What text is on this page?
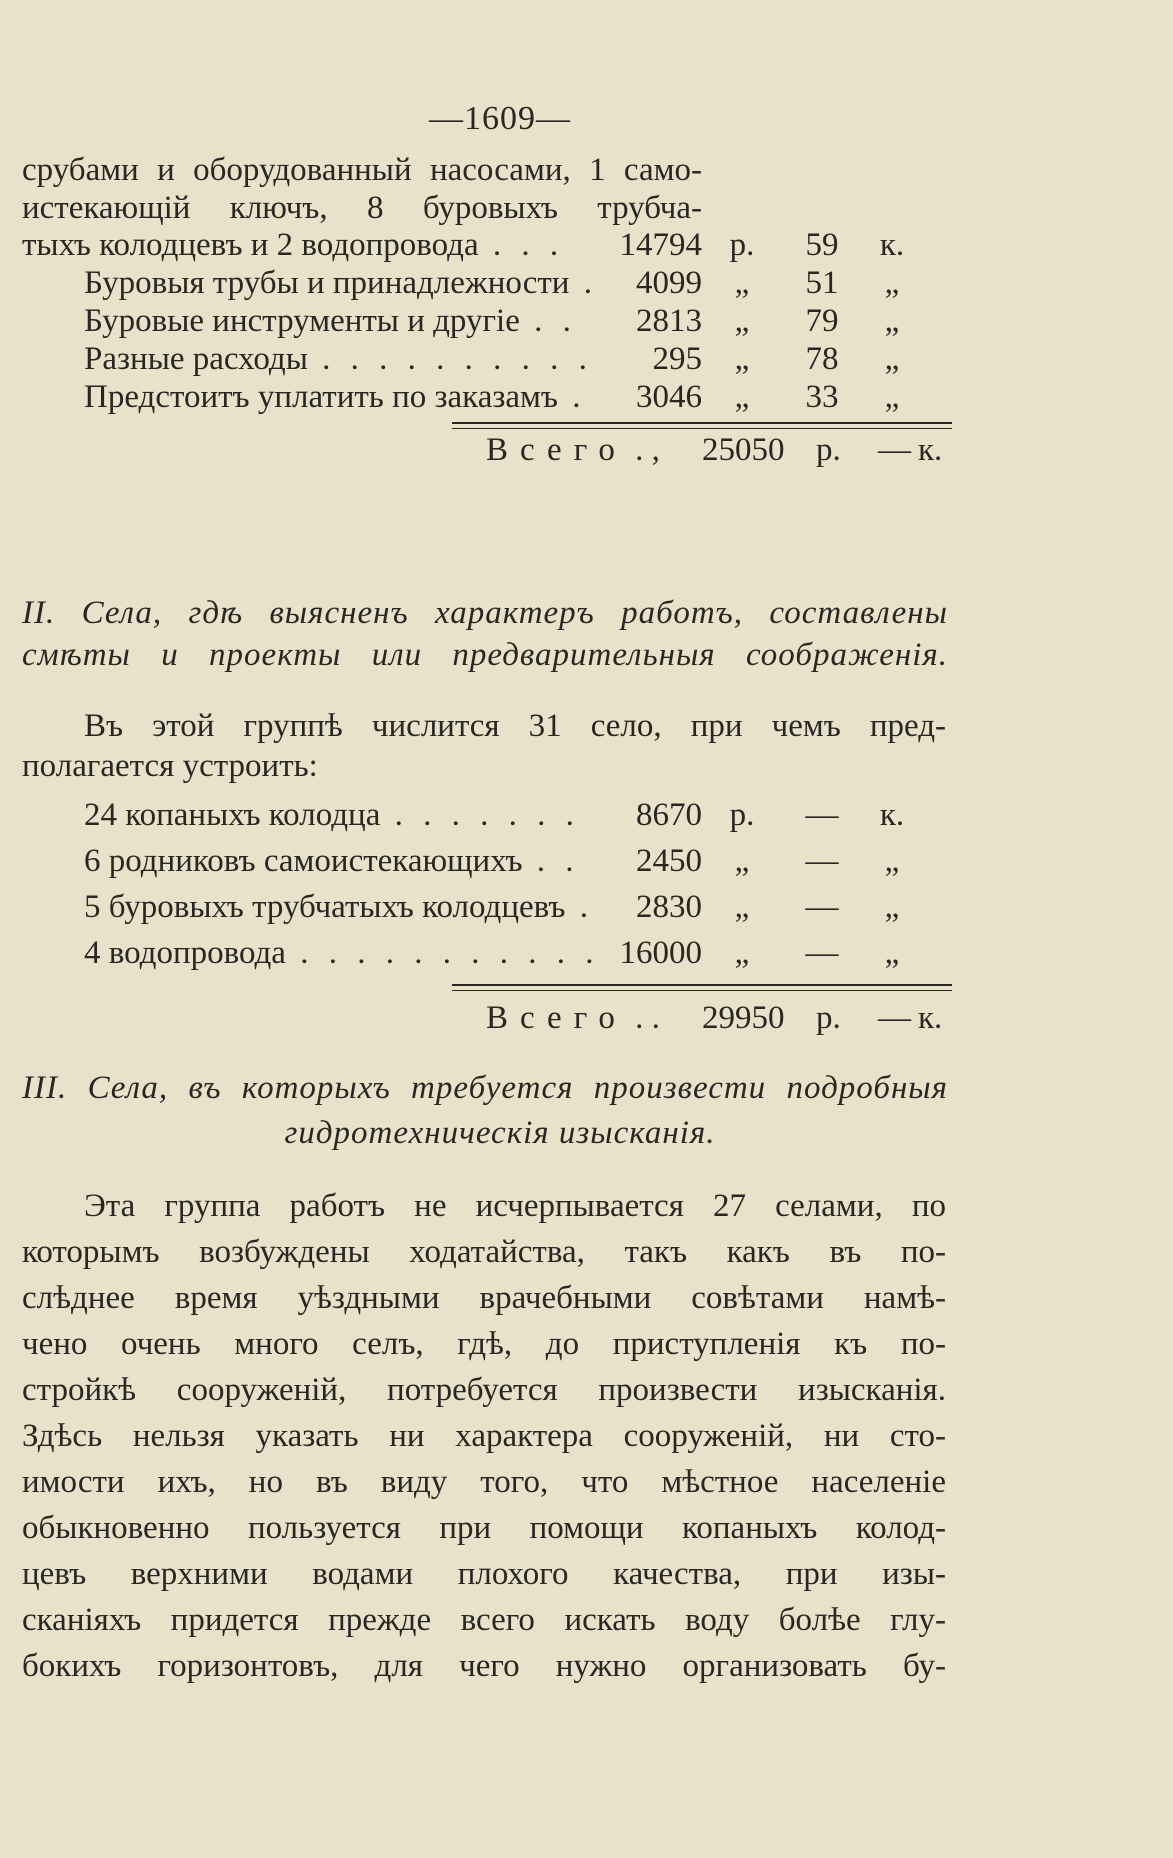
—1609—
срубами и оборудованный насосами, 1 само-
истекающій ключъ, 8 буровыхъ трубча-
тыхъ колодцевъ и 2 водопровода . . .	14794 р.	59	к.
Буровыя трубы и принадлежности .	4099 „	51	„
Буровые инструменты и другіе . .	2813 „	79	„
Разные расходы . . . . . . . . . .	295 „	78	„
Предстоитъ уплатить по заказамъ .	3046 „	33	„
Всего . , 25050 р. — к.
II. Села, гдѣ выясненъ характеръ работъ, составлены
смѣты и проекты или предварительныя соображенія.
Въ этой группѣ числится 31 село, при чемъ пред-
полагается устроить:
24 копаныхъ колодца . . . . . . .	8670 р.	—	к.
6 родниковъ самоистекающихъ . .	2450 „	—	„
5 буровыхъ трубчатыхъ колодцевъ .	2830 „	—	„
4 водопровода . . . . . . . . . . . 16000 „	—	„
Всего . . 29950 р. — к.
III. Села, въ которыхъ требуется произвести подробныя
гидротехническія изысканія.
Эта группа работъ не исчерпывается 27 селами, по
которымъ возбуждены ходатайства, такъ какъ въ по-
слѣднее время уѣздными врачебными совѣтами намѣ-
чено очень много селъ, гдѣ, до приступленія къ по-
стройкѣ сооруженій, потребуется произвести изысканія.
Здѣсь нельзя указать ни характера сооруженій, ни сто-
имости ихъ, но въ виду того, что мѣстное населеніе
обыкновенно пользуется при помощи копаныхъ колод-
цевъ верхними водами плохого качества, при изы-
сканіяхъ придется прежде всего искать воду болѣе глу-
бокихъ горизонтовъ, для чего нужно организовать бу-
